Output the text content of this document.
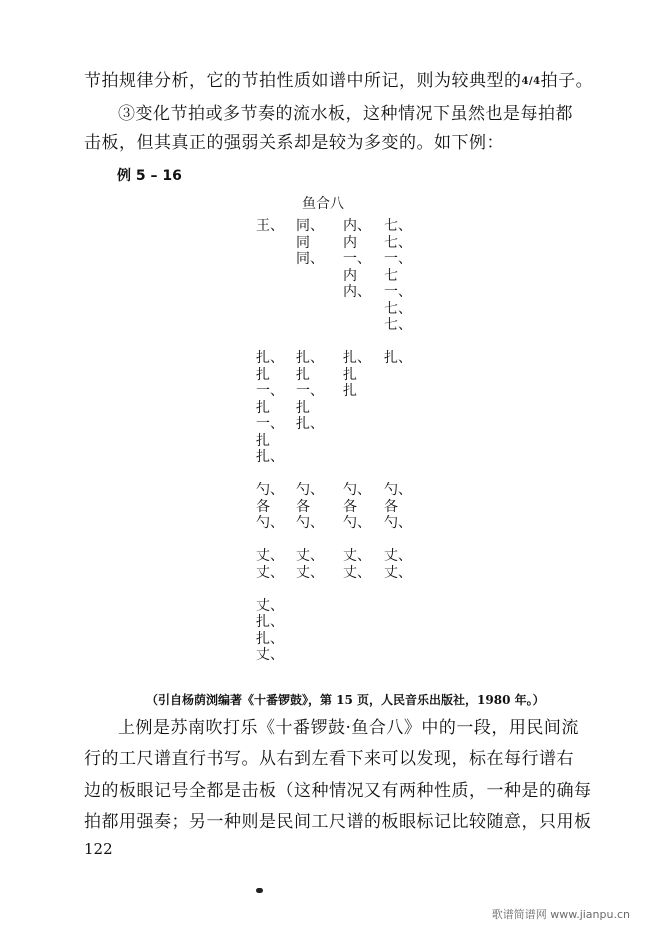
节拍规律分析，它的节拍性质如谱中所记，则为较典型的4/4拍子。
③变化节拍或多节奏的流水板，这种情况下虽然也是每拍都
击板，但其真正的强弱关系却是较为多变的。如下例：
例 5 – 16
鱼合八
王、

扎、
扎
一、
扎
一、
扎
扎、

勺、
各
勺、

丈、
丈、

丈、
扎、
扎、
丈、
同、
同
同、

扎、
扎
一、
扎
扎、

勺、
各
勺、

丈、
丈、
内、
内
一、
内
内、

扎、
扎
扎

勺、
各
勺、

丈、
丈、
七、
七、
一、
七
一、
七、
七、

扎、

勺、
各
勺、

丈、
丈、
（引自杨荫浏编著《十番锣鼓》，第 15 页，人民音乐出版社，1980 年。）
上例是苏南吹打乐《十番锣鼓·鱼合八》中的一段，用民间流
行的工尺谱直行书写。从右到左看下来可以发现，标在每行谱右
边的板眼记号全都是击板（这种情况又有两种性质，一种是的确每
拍都用强奏；另一种则是民间工尺谱的板眼标记比较随意，只用板
122
歌谱简谱网 www.jianpu.cn
